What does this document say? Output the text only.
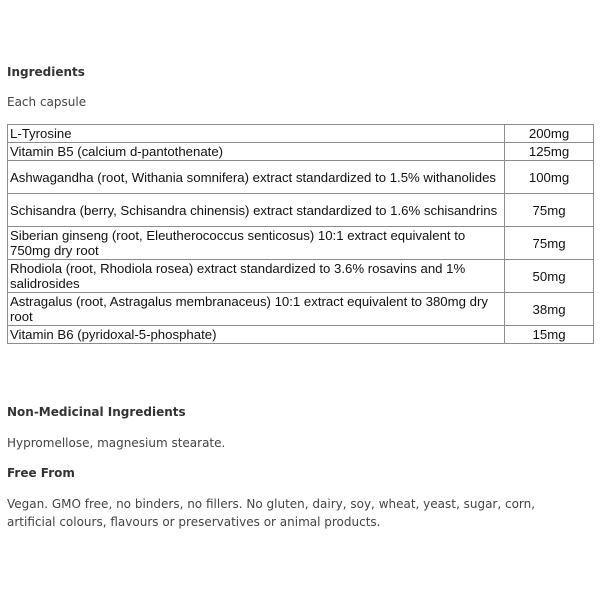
Ingredients

Each capsule

L-Tyrosine	200mg
Vitamin B5 (calcium d-pantothenate)	125mg
Ashwagandha (root, Withania somnifera) extract standardized to 1.5% withanolides	100mg
Schisandra (berry, Schisandra chinensis) extract standardized to 1.6% schisandrins	75mg
Siberian ginseng (root, Eleutherococcus senticosus) 10:1 extract equivalent to 750mg dry root	75mg
Rhodiola (root, Rhodiola rosea) extract standardized to 3.6% rosavins and 1% salidrosides	50mg
Astragalus (root, Astragalus membranaceus) 10:1 extract equivalent to 380mg dry root	38mg
Vitamin B6 (pyridoxal-5-phosphate)	15mg

Non-Medicinal Ingredients

Hypromellose, magnesium stearate.

Free From

Vegan. GMO free, no binders, no fillers. No gluten, dairy, soy, wheat, yeast, sugar, corn, artificial colours, flavours or preservatives or animal products.
